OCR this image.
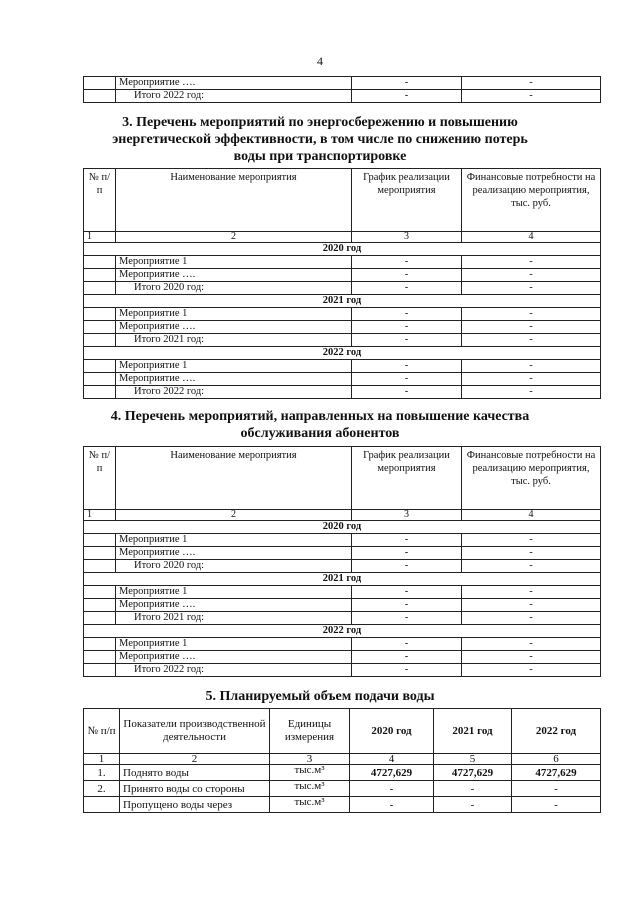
4
	Мероприятие ….	-	-
	Итого 2022 год:	-	-
3. Перечень мероприятий по энергосбережению и повышению
энергетической эффективности, в том числе по снижению потерь
воды при транспортировке
№ п/п	Наименование мероприятия	График реализации мероприятия	Финансовые потребности на реализацию мероприятия, тыс. руб.
1	2	3	4
2020 год			
	Мероприятие 1	-	-
	Мероприятие ….	-	-
	Итого 2020 год:	-	-
2021 год			
	Мероприятие 1	-	-
	Мероприятие ….	-	-
	Итого 2021 год:	-	-
2022 год			
	Мероприятие 1	-	-
	Мероприятие ….	-	-
	Итого 2022 год:	-	-
4. Перечень мероприятий, направленных на повышение качества
обслуживания абонентов
№ п/п	Наименование мероприятия	График реализации мероприятия	Финансовые потребности на реализацию мероприятия, тыс. руб.
1	2	3	4
2020 год			
	Мероприятие 1	-	-
	Мероприятие ….	-	-
	Итого 2020 год:	-	-
2021 год			
	Мероприятие 1	-	-
	Мероприятие ….	-	-
	Итого 2021 год:	-	-
2022 год			
	Мероприятие 1	-	-
	Мероприятие ….	-	-
	Итого 2022 год:	-	-
5. Планируемый объем подачи воды
№ п/п	Показатели производственной деятельности	Единицы измерения	2020 год	2021 год	2022 год
1	2	3	4	5	6
1.	Поднято воды	тыс.м³	4727,629	4727,629	4727,629
2.	Принято воды со стороны	тыс.м³	-	-	-
	Пропущено воды через	тыс.м³	-	-	-
